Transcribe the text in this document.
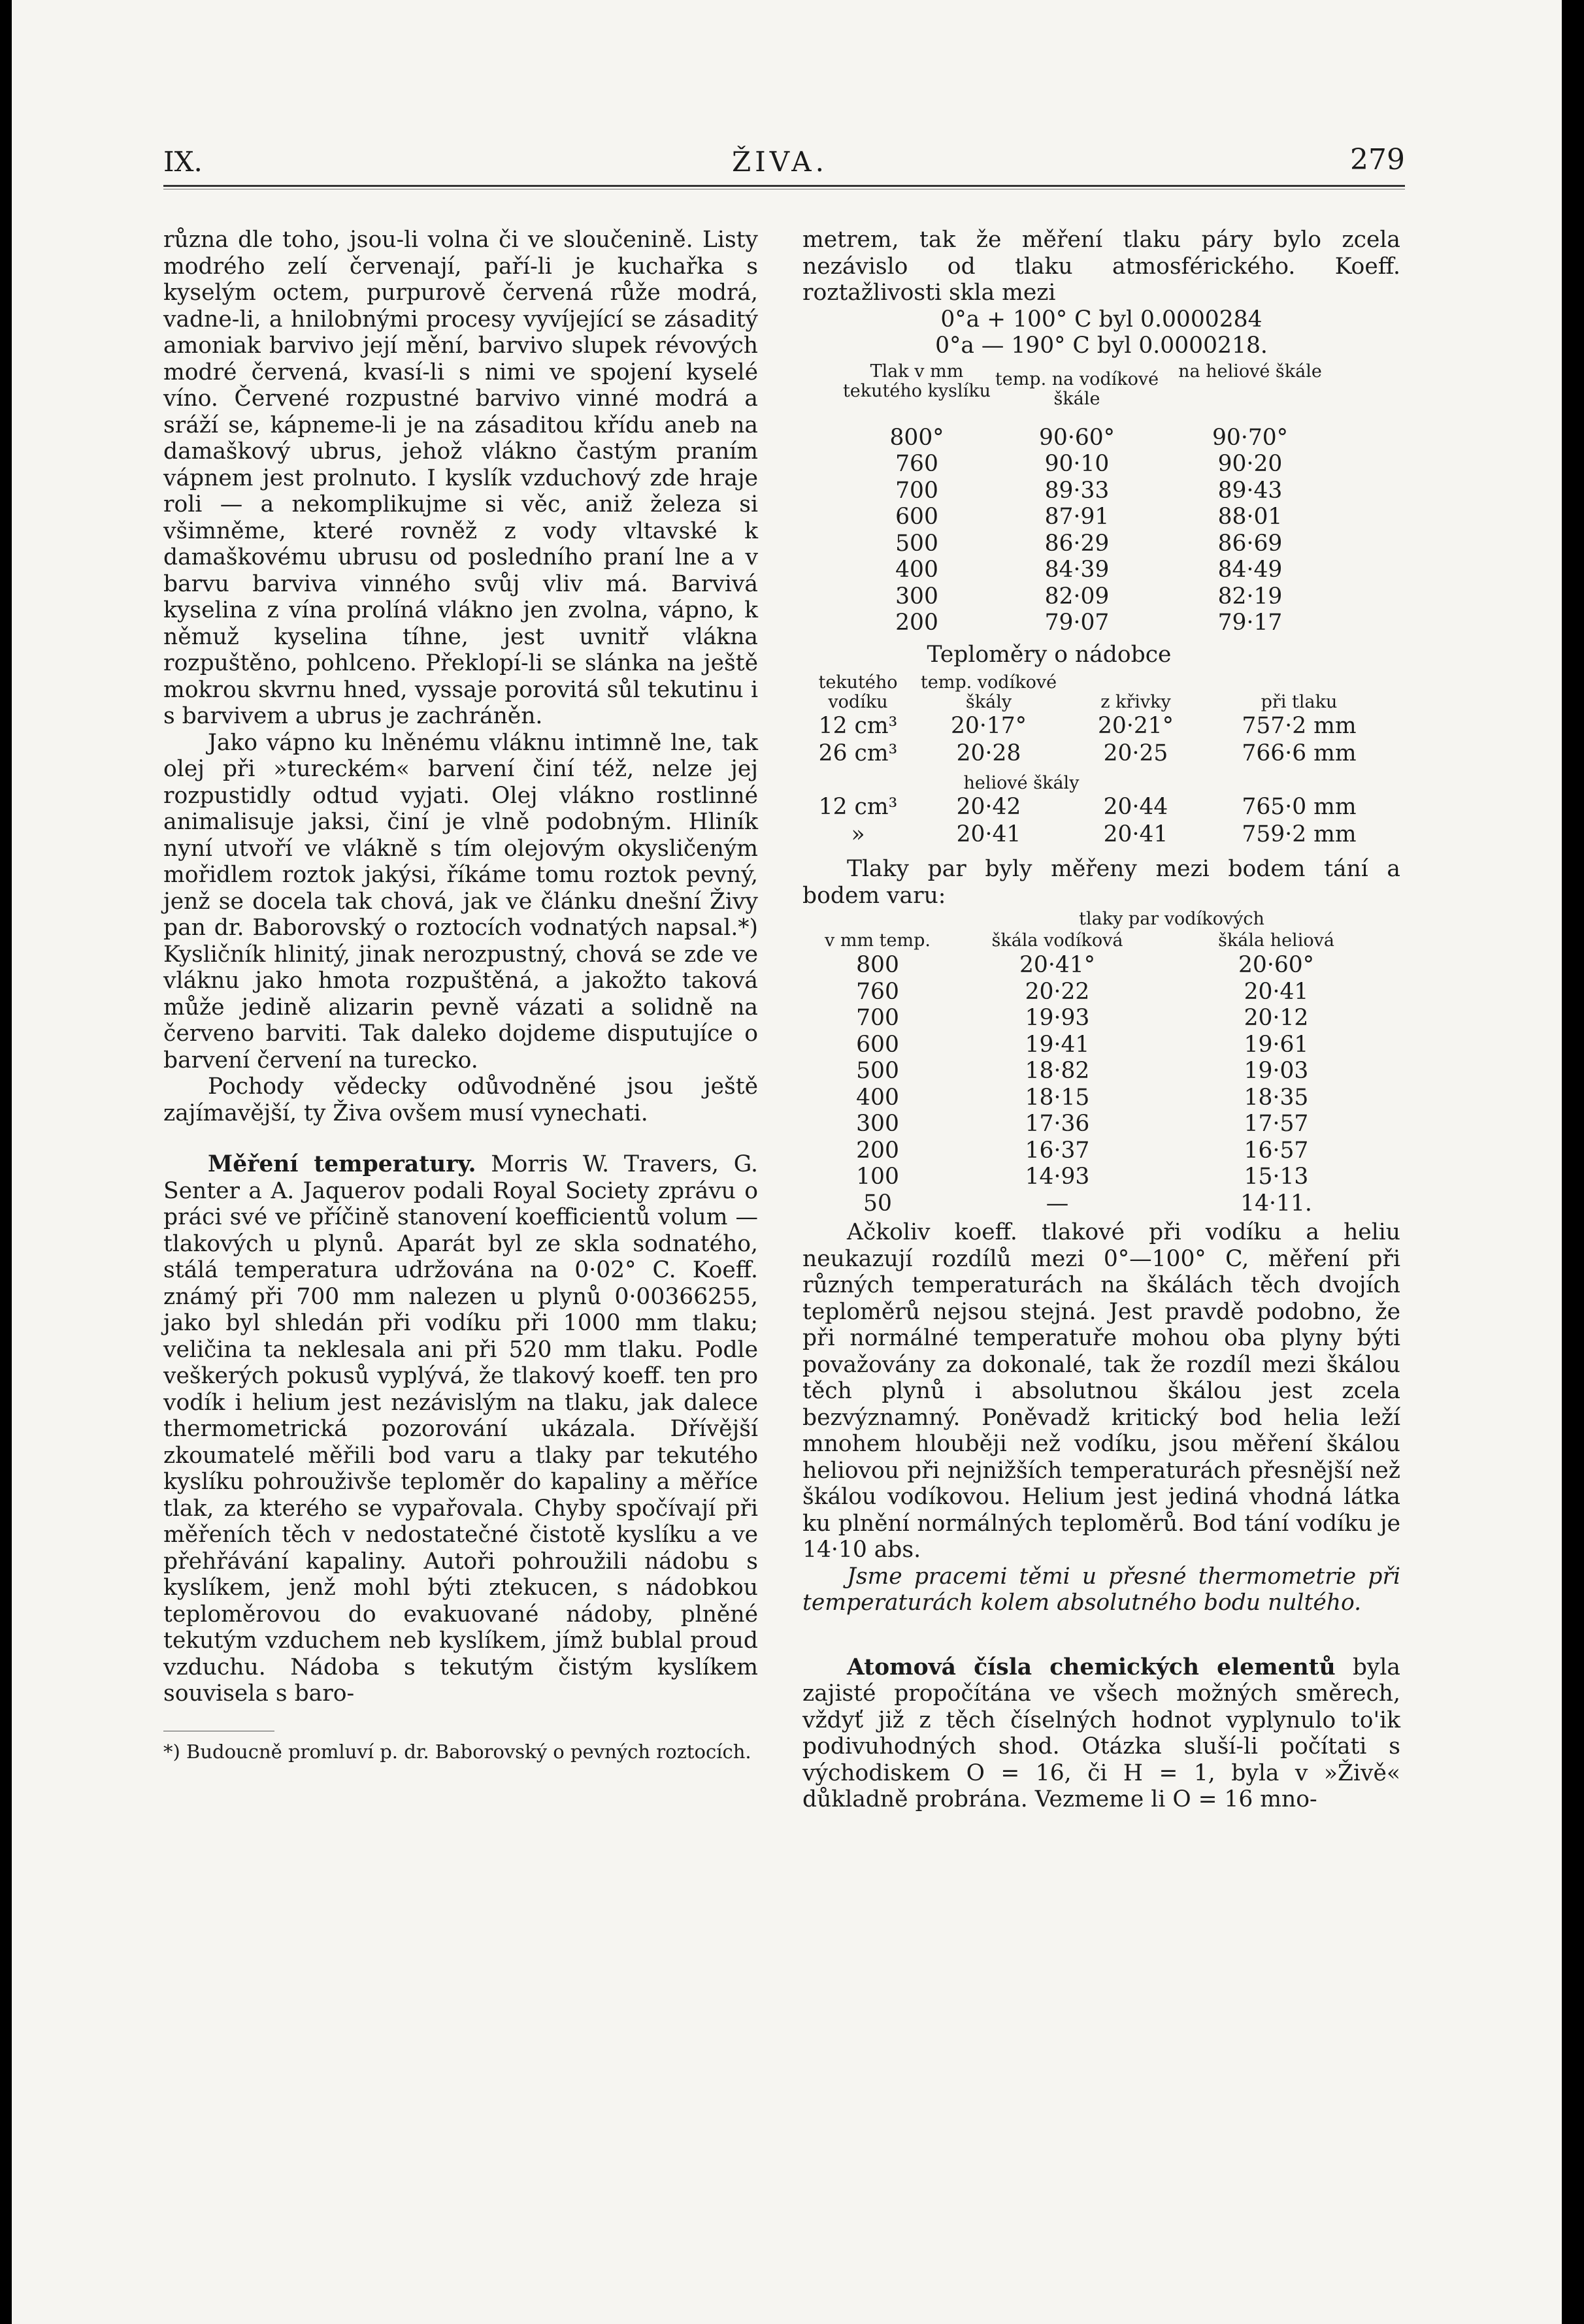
IX.	ŽIVA.	279

různa dle toho, jsou-li volna či ve sloučenině. Listy modrého zelí červenají, paří-li je kuchařka s kyselým octem, purpurově červená růže modrá, vadne-li, a hnilobnými procesy vyvíjející se zásaditý amoniak barvivo její mění, barvivo slupek révových modré červená, kvasí-li s nimi ve spojení kyselé víno. Červené rozpustné barvivo vinné modrá a sráží se, kápneme-li je na zásaditou křídu aneb na damaškový ubrus, jehož vlákno častým praním vápnem jest prolnuto. I kyslík vzduchový zde hraje roli — a nekomplikujme si věc, aniž železa si všimněme, které rovněž z vody vltavské k damaškovému ubrusu od posledního praní lne a v barvu barviva vinného svůj vliv má. Barvivá kyselina z vína prolíná vlákno jen zvolna, vápno, k němuž kyselina tíhne, jest uvnitř vlákna rozpuštěno, pohlceno. Překlopí-li se slánka na ještě mokrou skvrnu hned, vyssaje porovitá sůl tekutinu i s barvivem a ubrus je zachráněn.

Jako vápno ku lněnému vláknu intimně lne, tak olej při »tureckém« barvení činí též, nelze jej rozpustidly odtud vyjati. Olej vlákno rostlinné animalisuje jaksi, činí je vlně podobným. Hliník nyní utvoří ve vlákně s tím olejovým okysličeným mořidlem roztok jakýsi, říkáme tomu roztok pevný, jenž se docela tak chová, jak ve článku dnešní Živy pan dr. Baborovský o roztocích vodnatých napsal.*) Kysličník hlinitý, jinak nerozpustný, chová se zde ve vláknu jako hmota rozpuštěná, a jakožto taková může jedině alizarin pevně vázati a solidně na červeno barviti. Tak daleko dojdeme disputujíce o barvení červení na turecko.

Pochody vědecky odůvodněné jsou ještě zajímavější, ty Živa ovšem musí vynechati.

Měření temperatury. Morris W. Travers, G. Senter a A. Jaquerov podali Royal Society zprávu o práci své ve příčině stanovení koefficientů volum — tlakových u plynů. Aparát byl ze skla sodnatého, stálá temperatura udržována na 0·02° C. Koeff. známý při 700 mm nalezen u plynů 0·00366255, jako byl shledán při vodíku při 1000 mm tlaku; veličina ta neklesala ani při 520 mm tlaku. Podle veškerých pokusů vyplývá, že tlakový koeff. ten pro vodík i helium jest nezávislým na tlaku, jak dalece thermometrická pozorování ukázala. Dřívější zkoumatelé měřili bod varu a tlaky par tekutého kyslíku pohrouživše teploměr do kapaliny a měříce tlak, za kterého se vypařovala. Chyby spočívají při měřeních těch v nedostatečné čistotě kyslíku a ve přehřávání kapaliny. Autoři pohroužili nádobu s kyslíkem, jenž mohl býti ztekucen, s nádobkou teploměrovou do evakuované nádoby, plněné tekutým vzduchem neb kyslíkem, jímž bublal proud vzduchu. Nádoba s tekutým čistým kyslíkem souvisela s baro-

*) Budoucně promluví p. dr. Baborovský o pevných roztocích.

metrem, tak že měření tlaku páry bylo zcela nezávislo od tlaku atmosférického. Koeff. roztažlivosti skla mezi

0°a + 100° C byl 0.0000284
0°a — 190° C byl 0.0000218.
Tlak v mm tekutého kyslíku	temp. na vodíkové škále	na heliové škále
800°	90·60°	90·70°
760	90·10	90·20
700	89·33	89·43
600	87·91	88·01
500	86·29	86·69
400	84·39	84·49
300	82·09	82·19
200	79·07	79·17
Teploměry o nádobce
tekutého vodíku	temp. vodíkové škály	z křivky	při tlaku
12 cm³	20·17°	20·21°	757·2 mm
26 cm³	20·28	20·25	766·6 mm
	heliové škály		
12 cm³	20·42	20·44	765·0 mm
»	20·41	20·41	759·2 mm

Tlaky par byly měřeny mezi bodem tání a bodem varu:

	tlaky par vodíkových	
v mm temp.	škála vodíková	škála heliová
800	20·41°	20·60°
760	20·22	20·41
700	19·93	20·12
600	19·41	19·61
500	18·82	19·03
400	18·15	18·35
300	17·36	17·57
200	16·37	16·57
100	14·93	15·13
50	—	14·11.

Ačkoliv koeff. tlakové při vodíku a heliu neukazují rozdílů mezi 0°—100° C, měření při různých temperaturách na škálách těch dvojích teploměrů nejsou stejná. Jest pravdě podobno, že při normálné temperatuře mohou oba plyny býti považovány za dokonalé, tak že rozdíl mezi škálou těch plynů i absolutnou škálou jest zcela bezvýznamný. Poněvadž kritický bod helia leží mnohem hlouběji než vodíku, jsou měření škálou heliovou při nejnižších temperaturách přesnější než škálou vodíkovou. Helium jest jediná vhodná látka ku plnění normálných teploměrů. Bod tání vodíku je 14·10 abs.

Jsme pracemi těmi u přesné thermometrie při temperaturách kolem absolutného bodu nultého.

Atomová čísla chemických elementů byla zajisté propočítána ve všech možných směrech, vždyť již z těch číselných hodnot vyplynulo to'ik podivuhodných shod. Otázka sluší-li počítati s východiskem O = 16, či H = 1, byla v »Živě« důkladně probrána. Vezmeme li O = 16 mno-
